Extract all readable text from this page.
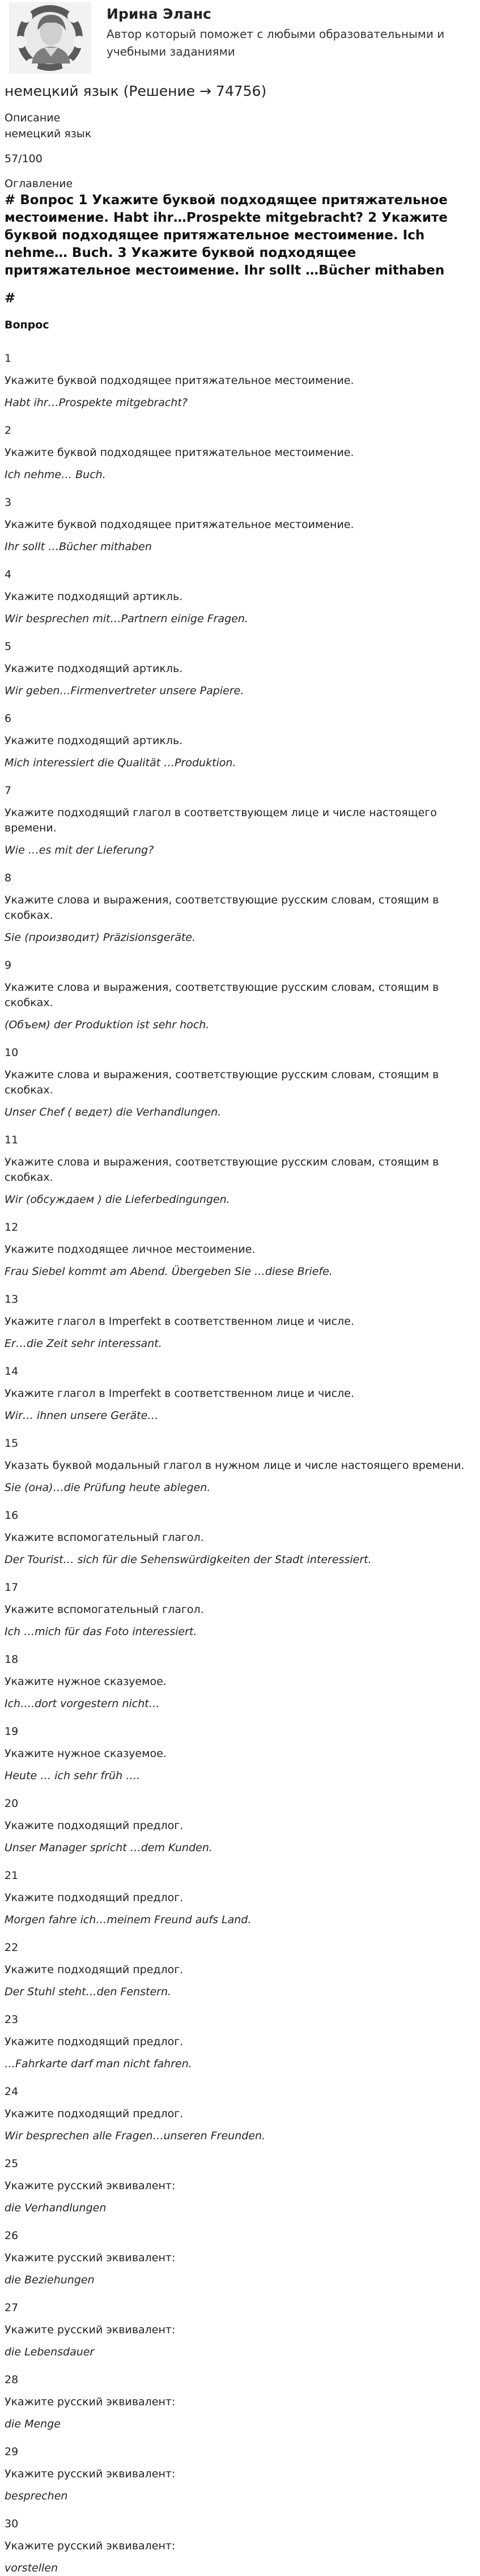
Ирина Эланс
Автор который поможет с любыми образовательными и учебными заданиями
немецкий язык (Решение → 74756)

Описание

немецкий язык

57/100

Оглавление

# Вопрос 1 Укажите буквой подходящее притяжательное местоимение. Habt ihr…Prospekte mitgebracht? 2 Укажите буквой подходящее притяжательное местоимение. Ich nehme… Buch. 3 Укажите буквой подходящее притяжательное местоимение. Ihr sollt …Bücher mithaben

#

Вопрос

1

Укажите буквой подходящее притяжательное местоимение.

Habt ihr…Prospekte mitgebracht?

2

Укажите буквой подходящее притяжательное местоимение.

Ich nehme… Buch.

3

Укажите буквой подходящее притяжательное местоимение.

Ihr sollt …Bücher mithaben

4

Укажите подходящий артикль.

Wir besprechen mit…Partnern einige Fragen.

5

Укажите подходящий артикль.

Wir geben…Firmenvertreter unsere Papiere.

6

Укажите подходящий артикль.

Mich interessiert die Qualität …Produktion.

7

Укажите подходящий глагол в соответствующем лице и числе настоящего времени.

Wie …es mit der Lieferung?

8

Укажите слова и выражения, соответствующие русским словам, стоящим в скобках.

Sie (производит) Präzisionsgeräte.

9

Укажите слова и выражения, соответствующие русским словам, стоящим в скобках.

(Объем) der Produktion ist sehr hoch.

10

Укажите слова и выражения, соответствующие русским словам, стоящим в скобках.

Unser Chef ( ведет) die Verhandlungen.

11

Укажите слова и выражения, соответствующие русским словам, стоящим в скобках.

Wir (обсуждаем ) die Lieferbedingungen.

12

Укажите подходящее личное местоимение.

Frau Siebel kommt am Abend. Übergeben Sie …diese Briefe.

13

Укажите глагол в Imperfekt в соответственном лице и числе.

Er…die Zeit sehr interessant.

14

Укажите глагол в Imperfekt в соответственном лице и числе.

Wir… ihnen unsere Geräte…

15

Указать буквой модальный глагол в нужном лице и числе настоящего времени.

Sie (она)…die Prüfung heute ablegen.

16

Укажите вспомогательный глагол.

Der Tourist… sich für die Sehenswürdigkeiten der Stadt interessiert.

17

Укажите вспомогательный глагол.

Ich …mich für das Foto interessiert.

18

Укажите нужное сказуемое.

Ich….dort vorgestern nicht…

19

Укажите нужное сказуемое.

Heute … ich sehr früh ….

20

Укажите подходящий предлог.

Unser Manager spricht …dem Kunden.

21

Укажите подходящий предлог.

Morgen fahre ich…meinem Freund aufs Land.

22

Укажите подходящий предлог.

Der Stuhl steht…den Fenstern.

23

Укажите подходящий предлог.

…Fahrkarte darf man nicht fahren.

24

Укажите подходящий предлог.

Wir besprechen alle Fragen…unseren Freunden.

25

Укажите русский эквивалент:

die Verhandlungen

26

Укажите русский эквивалент:

die Beziehungen

27

Укажите русский эквивалент:

die Lebensdauer

28

Укажите русский эквивалент:

die Menge

29

Укажите русский эквивалент:

besprechen

30

Укажите русский эквивалент:

vorstellen
